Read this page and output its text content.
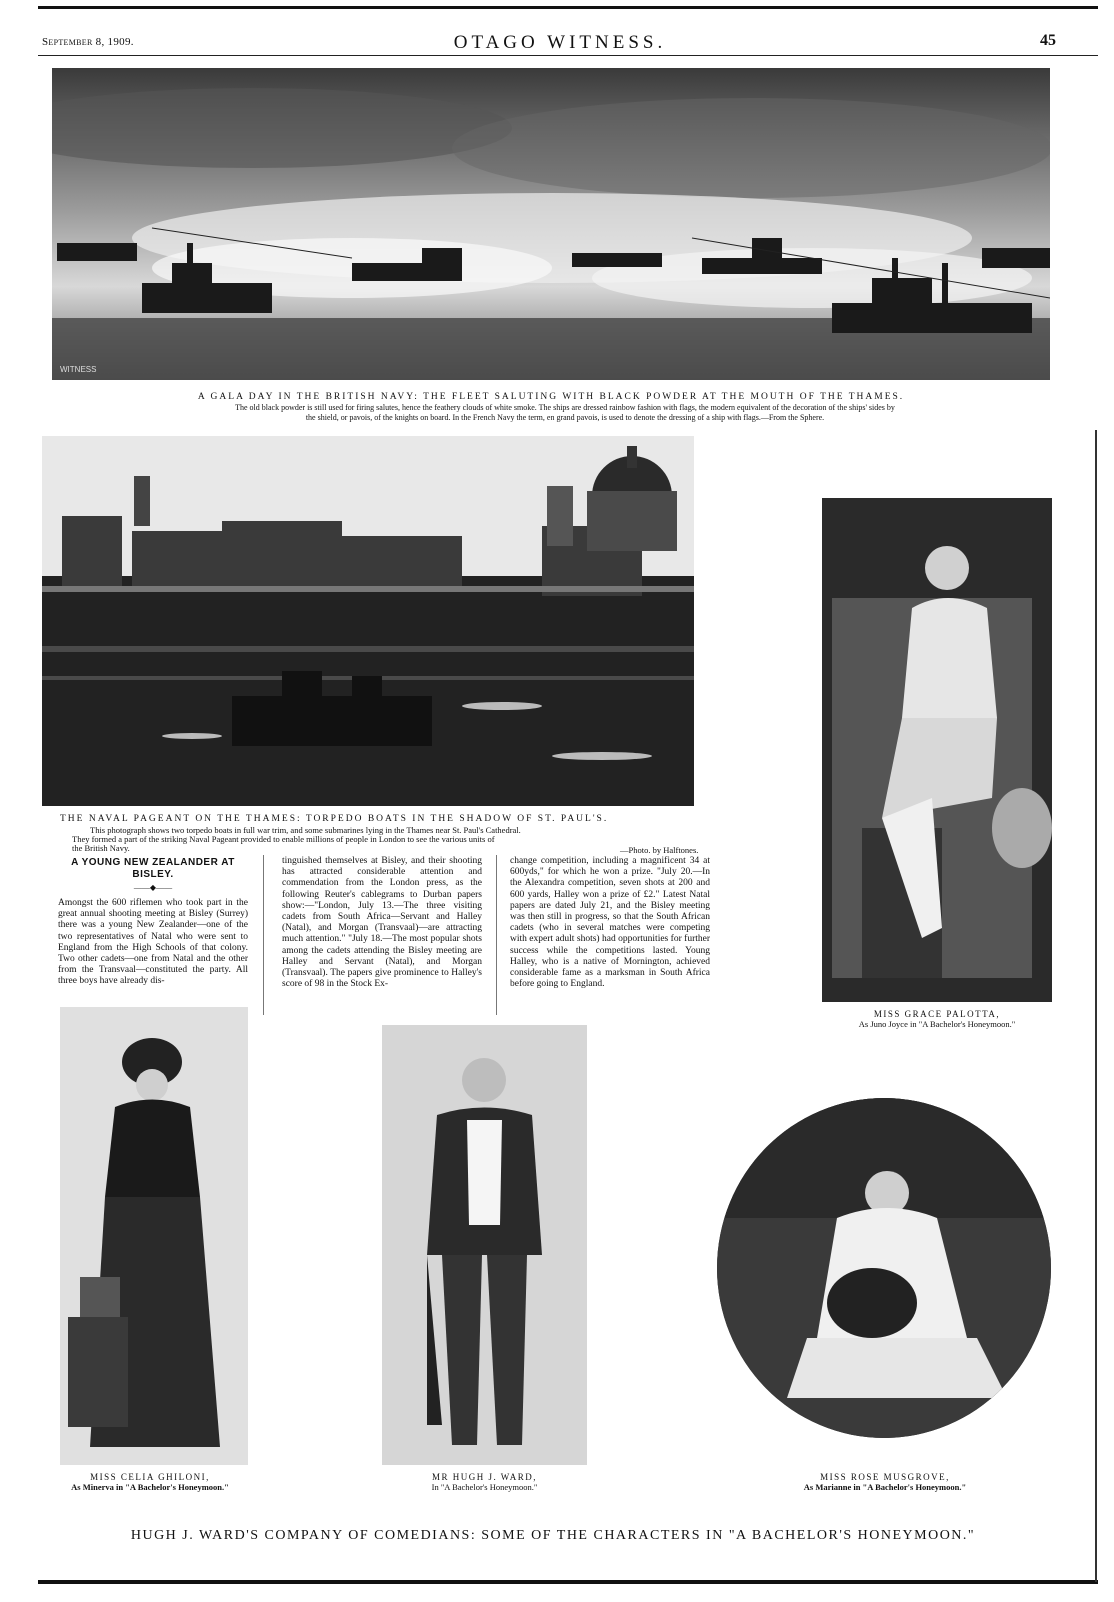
September 8, 1909.	OTAGO WITNESS.	45
WITNESS
A GALA DAY IN THE BRITISH NAVY: THE FLEET SALUTING WITH BLACK POWDER AT THE MOUTH OF THE THAMES.
The old black powder is still used for firing salutes, hence the feathery clouds of white smoke. The ships are dressed rainbow fashion with flags, the modern equivalent of the decoration of the ships' sides by
the shield, or pavois, of the knights on board. In the French Navy the term, en grand pavois, is used to denote the dressing of a ship with flags.—From the Sphere.
THE NAVAL PAGEANT ON THE THAMES: TORPEDO BOATS IN THE SHADOW OF ST. PAUL'S.
This photograph shows two torpedo boats in full war trim, and some submarines lying in the Thames near St. Paul's Cathedral.
They formed a part of the striking Naval Pageant provided to enable millions of people in London to see the various units of
the British Navy.	—Photo. by Halftones.
MISS GRACE PALOTTA,
As Juno Joyce in "A Bachelor's Honeymoon."
A YOUNG NEW ZEALANDER AT BISLEY.
——◆——
Amongst the 600 riflemen who took part in the great annual shooting meeting at Bisley (Surrey) there was a young New Zealander—one of the two representatives of Natal who were sent to England from the High Schools of that colony. Two other cadets—one from Natal and the other from the Transvaal—constituted the party. All three boys have already dis-
tinguished themselves at Bisley, and their shooting has attracted considerable attention and commendation from the London press, as the following Reuter's cablegrams to Durban papers show:—"London, July 13.—The three visiting cadets from South Africa—Servant and Halley (Natal), and Morgan (Transvaal)—are attracting much attention." "July 18.—The most popular shots among the cadets attending the Bisley meeting are Halley and Servant (Natal), and Morgan (Transvaal). The papers give prominence to Halley's score of 98 in the Stock Ex-
change competition, including a magnificent 34 at 600yds," for which he won a prize. "July 20.—In the Alexandra competition, seven shots at 200 and 600 yards, Halley won a prize of £2." Latest Natal papers are dated July 21, and the Bisley meeting was then still in progress, so that the South African cadets (who in several matches were competing with expert adult shots) had opportunities for further success while the competitions lasted. Young Halley, who is a native of Mornington, achieved considerable fame as a marksman in South Africa before going to England.
MISS CELIA GHILONI,
As Minerva in "A Bachelor's Honeymoon."
MR HUGH J. WARD,
In "A Bachelor's Honeymoon."
MISS ROSE MUSGROVE,
As Marianne in "A Bachelor's Honeymoon."
HUGH J. WARD'S COMPANY OF COMEDIANS: SOME OF THE CHARACTERS IN "A BACHELOR'S HONEYMOON."
